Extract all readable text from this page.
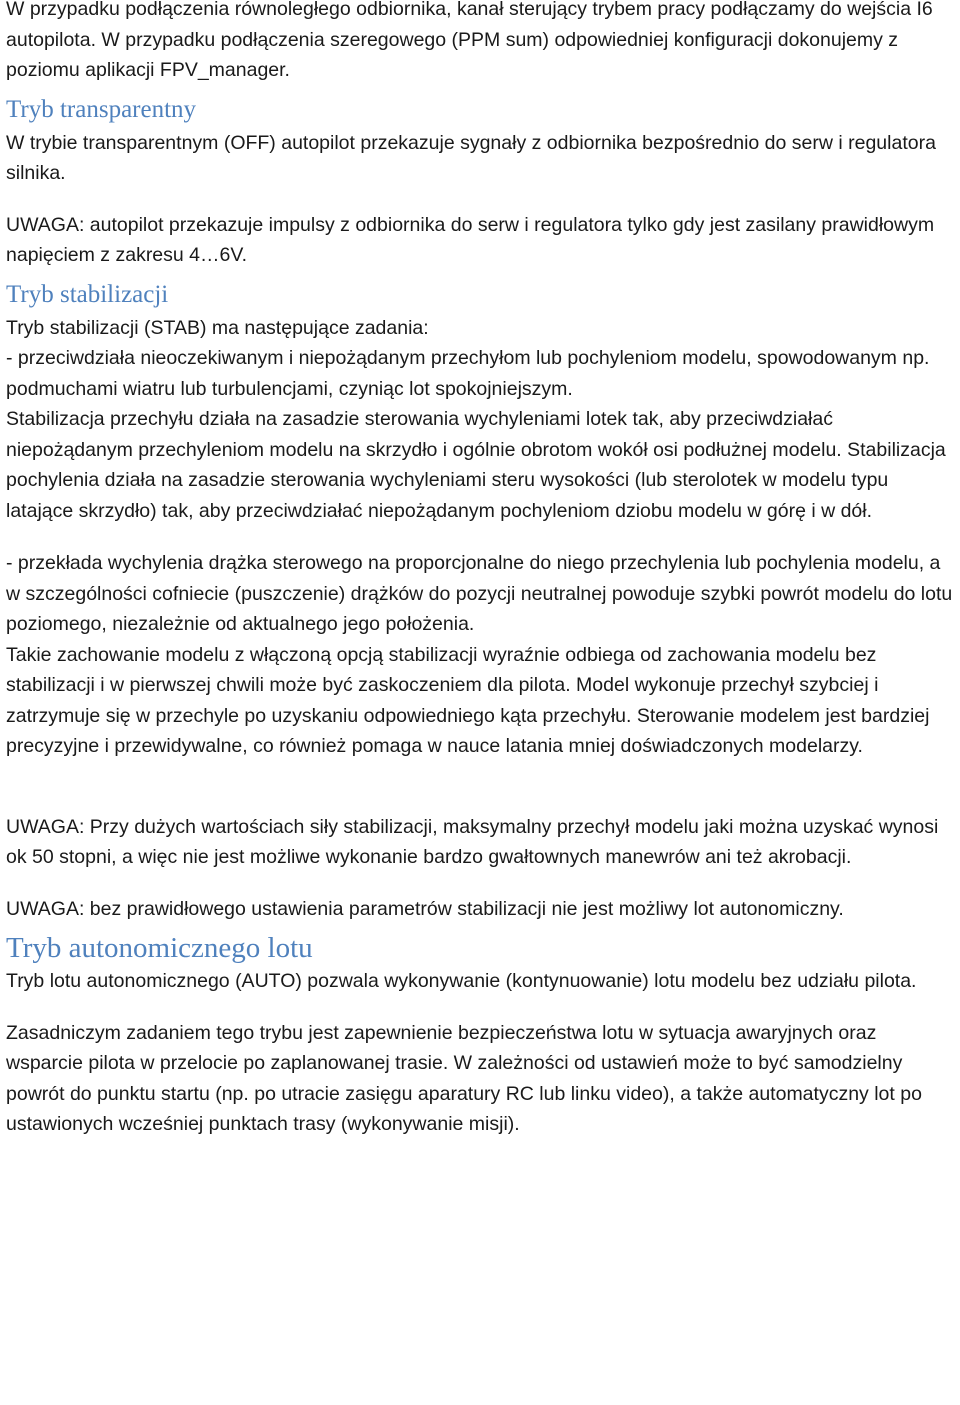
W przypadku podłączenia równoległego odbiornika, kanał sterujący trybem pracy podłączamy do wejścia I6 autopilota. W przypadku podłączenia szeregowego (PPM sum) odpowiedniej konfiguracji dokonujemy z poziomu aplikacji FPV_manager.

Tryb transparentny

W trybie transparentnym (OFF) autopilot przekazuje sygnały z odbiornika bezpośrednio do serw i regulatora silnika.

UWAGA: autopilot przekazuje impulsy z odbiornika do serw i regulatora tylko gdy jest zasilany prawidłowym napięciem z zakresu 4…6V.

Tryb stabilizacji

Tryb stabilizacji (STAB) ma następujące zadania:

- przeciwdziała nieoczekiwanym i niepożądanym przechyłom lub pochyleniom modelu, spowodowanym np. podmuchami wiatru lub turbulencjami, czyniąc lot spokojniejszym.

Stabilizacja przechyłu działa na zasadzie sterowania wychyleniami lotek tak, aby przeciwdziałać niepożądanym przechyleniom modelu na skrzydło i ogólnie obrotom wokół osi podłużnej modelu. Stabilizacja pochylenia działa na zasadzie sterowania wychyleniami steru wysokości (lub sterolotek w modelu typu latające skrzydło) tak, aby przeciwdziałać niepożądanym pochyleniom dziobu modelu w górę i w dół.

- przekłada wychylenia drążka sterowego na proporcjonalne do niego przechylenia lub pochylenia modelu, a w szczególności cofniecie (puszczenie) drążków do pozycji neutralnej powoduje szybki powrót modelu do lotu poziomego, niezależnie od aktualnego jego położenia.

Takie zachowanie modelu z włączoną opcją stabilizacji wyraźnie odbiega od zachowania modelu bez stabilizacji i w pierwszej chwili może być zaskoczeniem dla pilota. Model wykonuje przechył szybciej i zatrzymuje się w przechyle po uzyskaniu odpowiedniego kąta przechyłu. Sterowanie modelem jest bardziej precyzyjne i przewidywalne, co również pomaga w nauce latania mniej doświadczonych modelarzy.

UWAGA: Przy dużych wartościach siły stabilizacji, maksymalny przechył modelu jaki można uzyskać wynosi ok 50 stopni, a więc nie jest możliwe wykonanie bardzo gwałtownych manewrów ani też akrobacji.

UWAGA: bez prawidłowego ustawienia parametrów stabilizacji nie jest możliwy lot autonomiczny.

Tryb autonomicznego lotu

Tryb lotu autonomicznego (AUTO) pozwala wykonywanie (kontynuowanie) lotu modelu bez udziału pilota.

Zasadniczym zadaniem tego trybu jest zapewnienie bezpieczeństwa lotu w sytuacja awaryjnych oraz wsparcie pilota w przelocie po zaplanowanej trasie. W zależności od ustawień może to być samodzielny powrót do punktu startu (np. po utracie zasięgu aparatury RC lub linku video), a także automatyczny lot po ustawionych wcześniej punktach trasy (wykonywanie misji).
